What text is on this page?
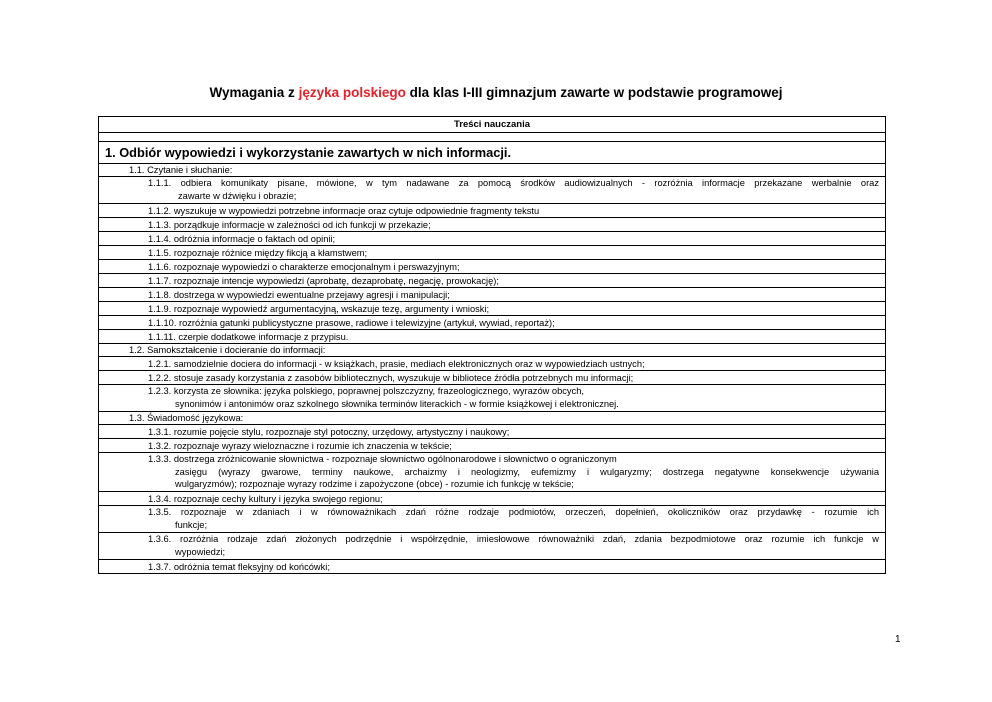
Wymagania z języka polskiego dla klas I-III gimnazjum zawarte w podstawie programowej
Treści nauczania
1. Odbiór wypowiedzi i wykorzystanie zawartych w nich informacji.
1.1. Czytanie i słuchanie:
1.1.1. odbiera komunikaty pisane, mówione, w tym nadawane za pomocą środków audiowizualnych - rozróżnia informacje przekazane werbalnie oraz
zawarte w dźwięku i obrazie;
1.1.2. wyszukuje w wypowiedzi potrzebne informacje oraz cytuje odpowiednie fragmenty tekstu
1.1.3. porządkuje informacje w zależności od ich funkcji w przekazie;
1.1.4. odróżnia informacje o faktach od opinii;
1.1.5. rozpoznaje różnice między fikcją a kłamstwem;
1.1.6. rozpoznaje wypowiedzi o charakterze emocjonalnym i perswazyjnym;
1.1.7. rozpoznaje intencje wypowiedzi (aprobatę, dezaprobatę, negację, prowokację);
1.1.8. dostrzega w wypowiedzi ewentualne przejawy agresji i manipulacji;
1.1.9. rozpoznaje wypowiedź argumentacyjną, wskazuje tezę, argumenty i wnioski;
1.1.10. rozróżnia gatunki publicystyczne prasowe, radiowe i telewizyjne (artykuł, wywiad, reportaż);
1.1.11. czerpie dodatkowe informacje z przypisu.
1.2. Samokształcenie i docieranie do informacji:
1.2.1. samodzielnie dociera do informacji - w książkach, prasie, mediach elektronicznych oraz w wypowiedziach ustnych;
1.2.2. stosuje zasady korzystania z zasobów bibliotecznych, wyszukuje w bibliotece źródła potrzebnych mu informacji;
1.2.3. korzysta ze słownika: języka polskiego, poprawnej polszczyzny, frazeologicznego, wyrazów obcych,
synonimów i antonimów oraz szkolnego słownika terminów literackich - w formie książkowej i elektronicznej.
1.3. Świadomość językowa:
1.3.1. rozumie pojęcie stylu, rozpoznaje styl potoczny, urzędowy, artystyczny i naukowy;
1.3.2. rozpoznaje wyrazy wieloznaczne i rozumie ich znaczenia w tekście;
1.3.3. dostrzega zróżnicowanie słownictwa - rozpoznaje słownictwo ogólnonarodowe i słownictwo o ograniczonym
zasięgu (wyrazy gwarowe, terminy naukowe, archaizmy i neologizmy, eufemizmy i wulgaryzmy; dostrzega negatywne konsekwencje używania
wulgaryzmów); rozpoznaje wyrazy rodzime i zapożyczone (obce) - rozumie ich funkcję w tekście;
1.3.4. rozpoznaje cechy kultury i języka swojego regionu;
1.3.5. rozpoznaje w zdaniach i w równoważnikach zdań różne rodzaje podmiotów, orzeczeń, dopełnień, okoliczników oraz przydawkę - rozumie ich
funkcje;
1.3.6. rozróżnia rodzaje zdań złożonych podrzędnie i współrzędnie, imiesłowowe równoważniki zdań, zdania bezpodmiotowe oraz rozumie ich funkcje w
wypowiedzi;
1.3.7. odróżnia temat fleksyjny od końcówki;
1
